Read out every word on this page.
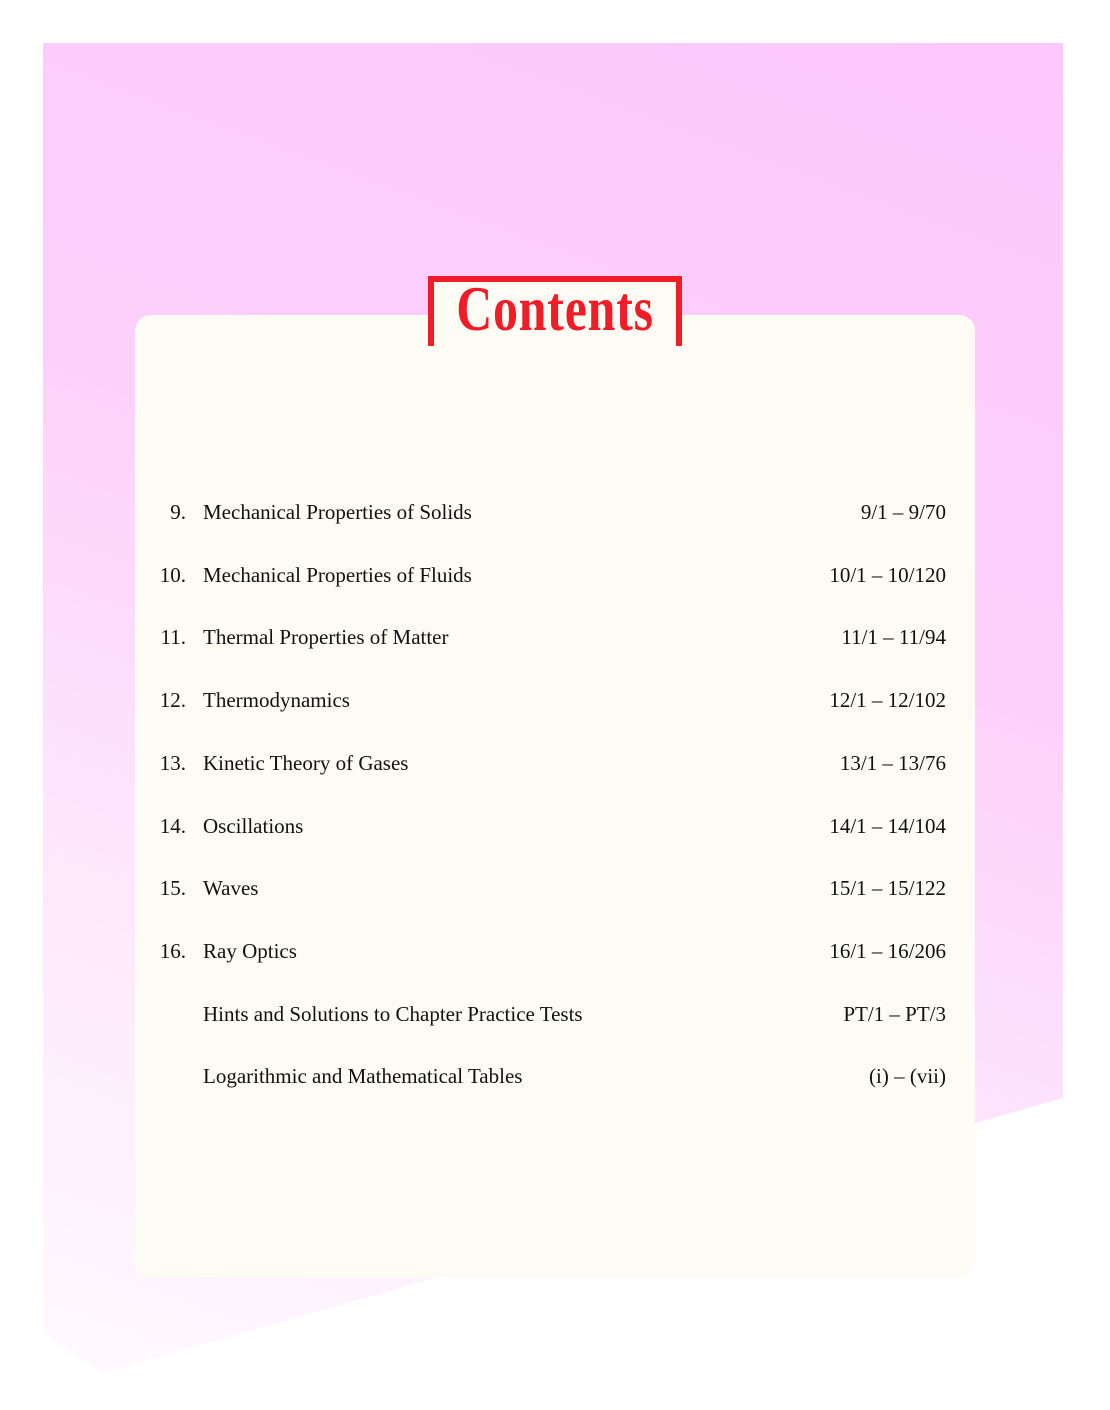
Contents
9. Mechanical Properties of Solids	9/1 – 9/70
10. Mechanical Properties of Fluids	10/1 – 10/120
11. Thermal Properties of Matter	11/1 – 11/94
12. Thermodynamics	12/1 – 12/102
13. Kinetic Theory of Gases	13/1 – 13/76
14. Oscillations	14/1 – 14/104
15. Waves	15/1 – 15/122
16. Ray Optics	16/1 – 16/206
Hints and Solutions to Chapter Practice Tests	PT/1 – PT/3
Logarithmic and Mathematical Tables	(i) – (vii)
